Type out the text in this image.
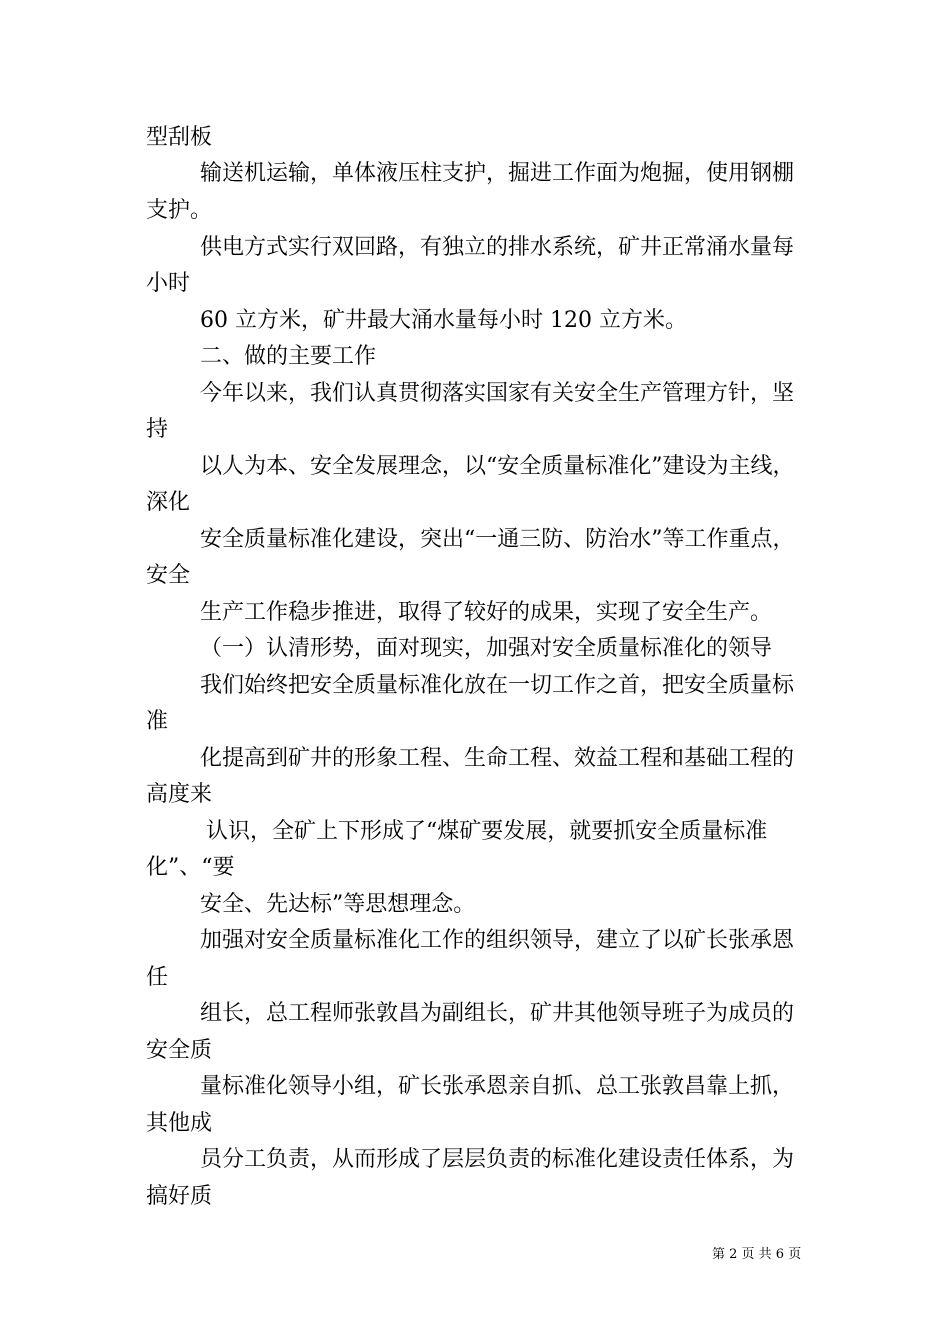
型刮板
输送机运输，单体液压柱支护，掘进工作面为炮掘，使用钢棚
支护。
供电方式实行双回路，有独立的排水系统，矿井正常涌水量每
小时
60 立方米，矿井最大涌水量每小时 120 立方米。
二、做的主要工作
今年以来，我们认真贯彻落实国家有关安全生产管理方针，坚
持
以人为本、安全发展理念，以“安全质量标准化”建设为主线，
深化
安全质量标准化建设，突出“一通三防、防治水”等工作重点，
安全
生产工作稳步推进，取得了较好的成果，实现了安全生产。
（一）认清形势，面对现实，加强对安全质量标准化的领导
我们始终把安全质量标准化放在一切工作之首，把安全质量标
准
化提高到矿井的形象工程、生命工程、效益工程和基础工程的
高度来
认识，全矿上下形成了“煤矿要发展，就要抓安全质量标准
化”、“要
安全、先达标”等思想理念。
加强对安全质量标准化工作的组织领导，建立了以矿长张承恩
任
组长，总工程师张敦昌为副组长，矿井其他领导班子为成员的
安全质
量标准化领导小组，矿长张承恩亲自抓、总工张敦昌靠上抓，
其他成
员分工负责，从而形成了层层负责的标准化建设责任体系，为
搞好质
第 2 页 共 6 页
